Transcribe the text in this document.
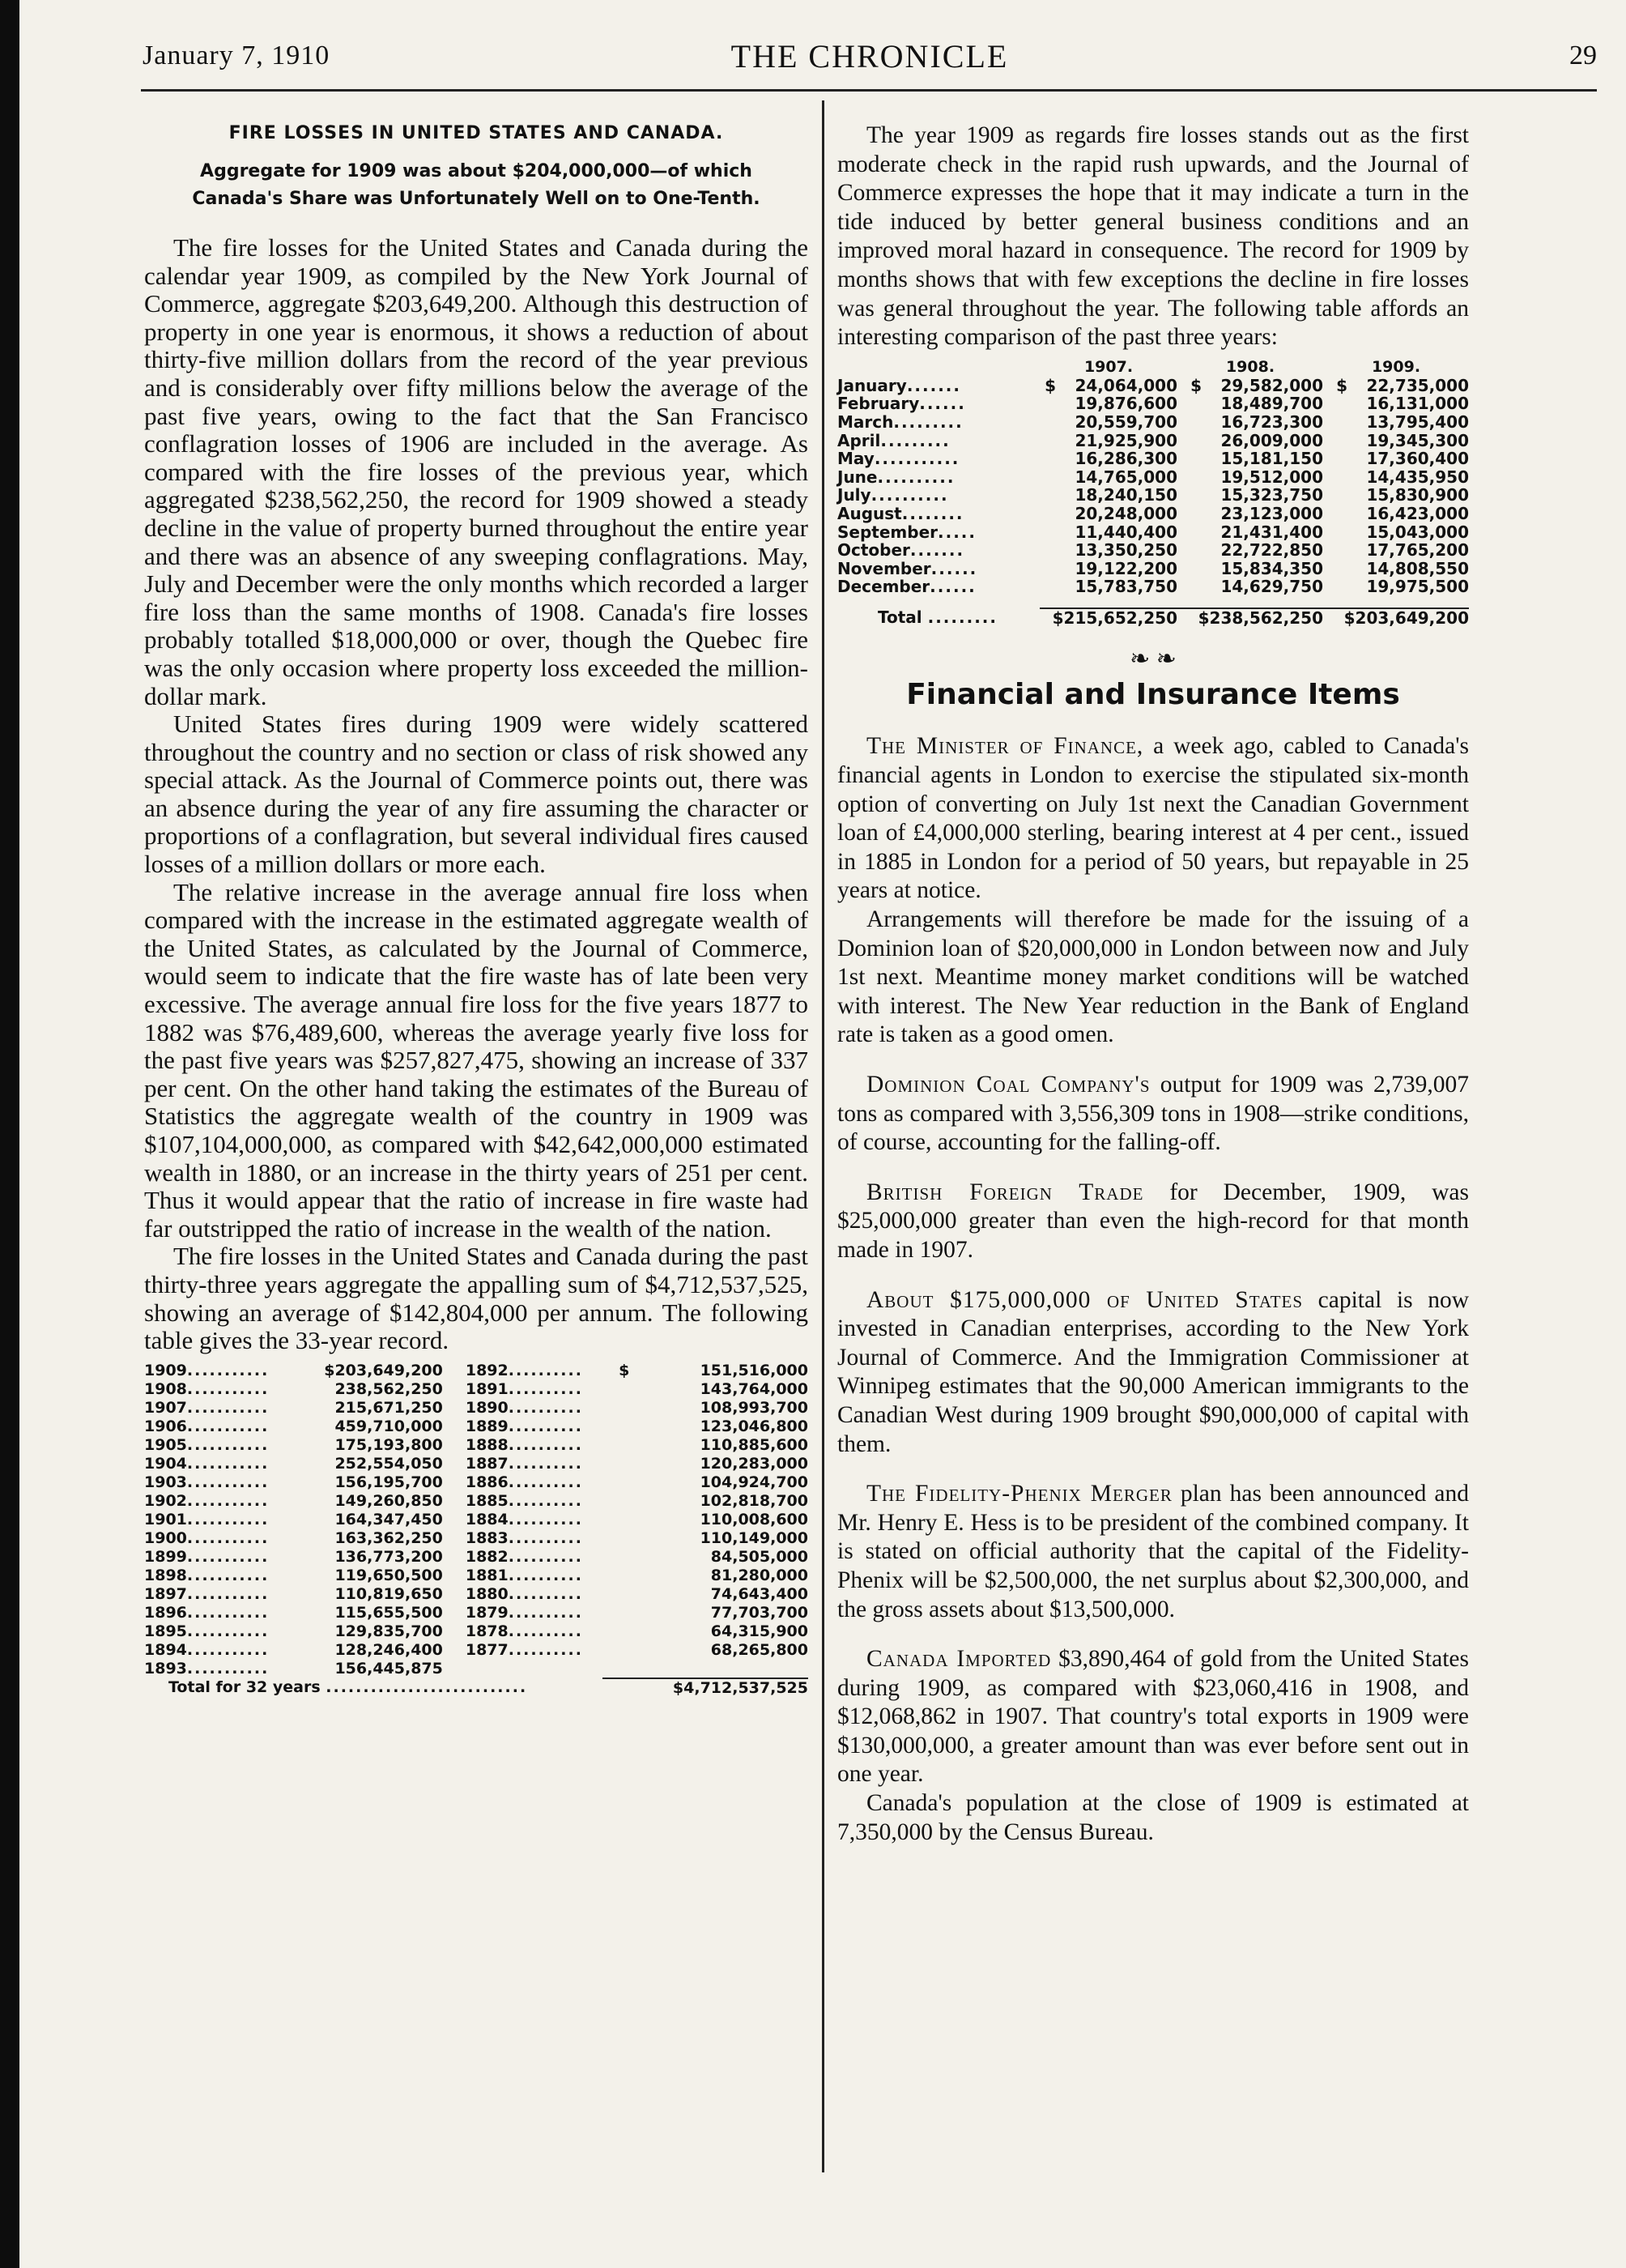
January 7, 1910	THE CHRONICLE	29
FIRE LOSSES IN UNITED STATES AND CANADA.
Aggregate for 1909 was about $204,000,000—of which Canada's Share was Unfortunately Well on to One-Tenth.

The fire losses for the United States and Canada during the calendar year 1909, as compiled by the New York Journal of Commerce, aggregate $203,649,200. Although this destruction of property in one year is enormous, it shows a reduction of about thirty-five million dollars from the record of the year previous and is considerably over fifty millions below the average of the past five years, owing to the fact that the San Francisco conflagration losses of 1906 are included in the average. As compared with the fire losses of the previous year, which aggregated $238,562,250, the record for 1909 showed a steady decline in the value of property burned throughout the entire year and there was an absence of any sweeping conflagrations. May, July and December were the only months which recorded a larger fire loss than the same months of 1908. Canada's fire losses probably totalled $18,000,000 or over, though the Quebec fire was the only occasion where property loss exceeded the million-dollar mark.

United States fires during 1909 were widely scattered throughout the country and no section or class of risk showed any special attack. As the Journal of Commerce points out, there was an absence during the year of any fire assuming the character or proportions of a conflagration, but several individual fires caused losses of a million dollars or more each.

The relative increase in the average annual fire loss when compared with the increase in the estimated aggregate wealth of the United States, as calculated by the Journal of Commerce, would seem to indicate that the fire waste has of late been very excessive. The average annual fire loss for the five years 1877 to 1882 was $76,489,600, whereas the average yearly five loss for the past five years was $257,827,475, showing an increase of 337 per cent. On the other hand taking the estimates of the Bureau of Statistics the aggregate wealth of the country in 1909 was $107,104,000,000, as compared with $42,642,000,000 estimated wealth in 1880, or an increase in the thirty years of 251 per cent. Thus it would appear that the ratio of increase in fire waste had far outstripped the ratio of increase in the wealth of the nation.

The fire losses in the United States and Canada during the past thirty-three years aggregate the appalling sum of $4,712,537,525, showing an average of $142,804,000 per annum. The following table gives the 33-year record.

1909	...........	$203,649,200	1892	..........	$	151,516,000
1908	...........	238,562,250	1891	..........		143,764,000
1907	...........	215,671,250	1890	..........		108,993,700
1906	...........	459,710,000	1889	..........		123,046,800
1905	...........	175,193,800	1888	..........		110,885,600
1904	...........	252,554,050	1887	..........		120,283,000
1903	...........	156,195,700	1886	..........		104,924,700
1902	...........	149,260,850	1885	..........		102,818,700
1901	...........	164,347,450	1884	..........		110,008,600
1900	...........	163,362,250	1883	..........		110,149,000
1899	...........	136,773,200	1882	..........		84,505,000
1898	...........	119,650,500	1881	..........		81,280,000
1897	...........	110,819,650	1880	..........		74,643,400
1896	...........	115,655,500	1879	..........		77,703,700
1895	...........	129,835,700	1878	..........		64,315,900
1894	...........	128,246,400	1877	..........		68,265,800
1893	...........	156,445,875				
Total for 32 years ...........................					$4,712,537,525	

The year 1909 as regards fire losses stands out as the first moderate check in the rapid rush upwards, and the Journal of Commerce expresses the hope that it may indicate a turn in the tide induced by better general business conditions and an improved moral hazard in consequence. The record for 1909 by months shows that with few exceptions the decline in fire losses was general throughout the year. The following table affords an interesting comparison of the past three years:

	1907.		1908.		1909.	
January.......	$	24,064,000	$	29,582,000	$	22,735,000
February......		19,876,600		18,489,700		16,131,000
March.........		20,559,700		16,723,300		13,795,400
April.........		21,925,900		26,009,000		19,345,300
May...........		16,286,300		15,181,150		17,360,400
June..........		14,765,000		19,512,000		14,435,950
July..........		18,240,150		15,323,750		15,830,900
August........		20,248,000		23,123,000		16,423,000
September.....		11,440,400		21,431,400		15,043,000
October.......		13,350,250		22,722,850		17,765,200
November......		19,122,200		15,834,350		14,808,550
December......		15,783,750		14,629,750		19,975,500

Total .........	$215,652,250		$238,562,250		$203,649,200	
❧ ❧
Financial and Insurance Items

The Minister of Finance, a week ago, cabled to Canada's financial agents in London to exercise the stipulated six-month option of converting on July 1st next the Canadian Government loan of £4,000,000 sterling, bearing interest at 4 per cent., issued in 1885 in London for a period of 50 years, but repayable in 25 years at notice.

Arrangements will therefore be made for the issuing of a Dominion loan of $20,000,000 in London between now and July 1st next. Meantime money market conditions will be watched with interest. The New Year reduction in the Bank of England rate is taken as a good omen.

Dominion Coal Company's output for 1909 was 2,739,007 tons as compared with 3,556,309 tons in 1908—strike conditions, of course, accounting for the falling-off.

British Foreign Trade for December, 1909, was $25,000,000 greater than even the high-record for that month made in 1907.

About $175,000,000 of United States capital is now invested in Canadian enterprises, according to the New York Journal of Commerce. And the Immigration Commissioner at Winnipeg estimates that the 90,000 American immigrants to the Canadian West during 1909 brought $90,000,000 of capital with them.

The Fidelity-Phenix Merger plan has been announced and Mr. Henry E. Hess is to be president of the combined company. It is stated on official authority that the capital of the Fidelity-Phenix will be $2,500,000, the net surplus about $2,300,000, and the gross assets about $13,500,000.

Canada Imported $3,890,464 of gold from the United States during 1909, as compared with $23,060,416 in 1908, and $12,068,862 in 1907. That country's total exports in 1909 were $130,000,000, a greater amount than was ever before sent out in one year.

Canada's population at the close of 1909 is estimated at 7,350,000 by the Census Bureau.
